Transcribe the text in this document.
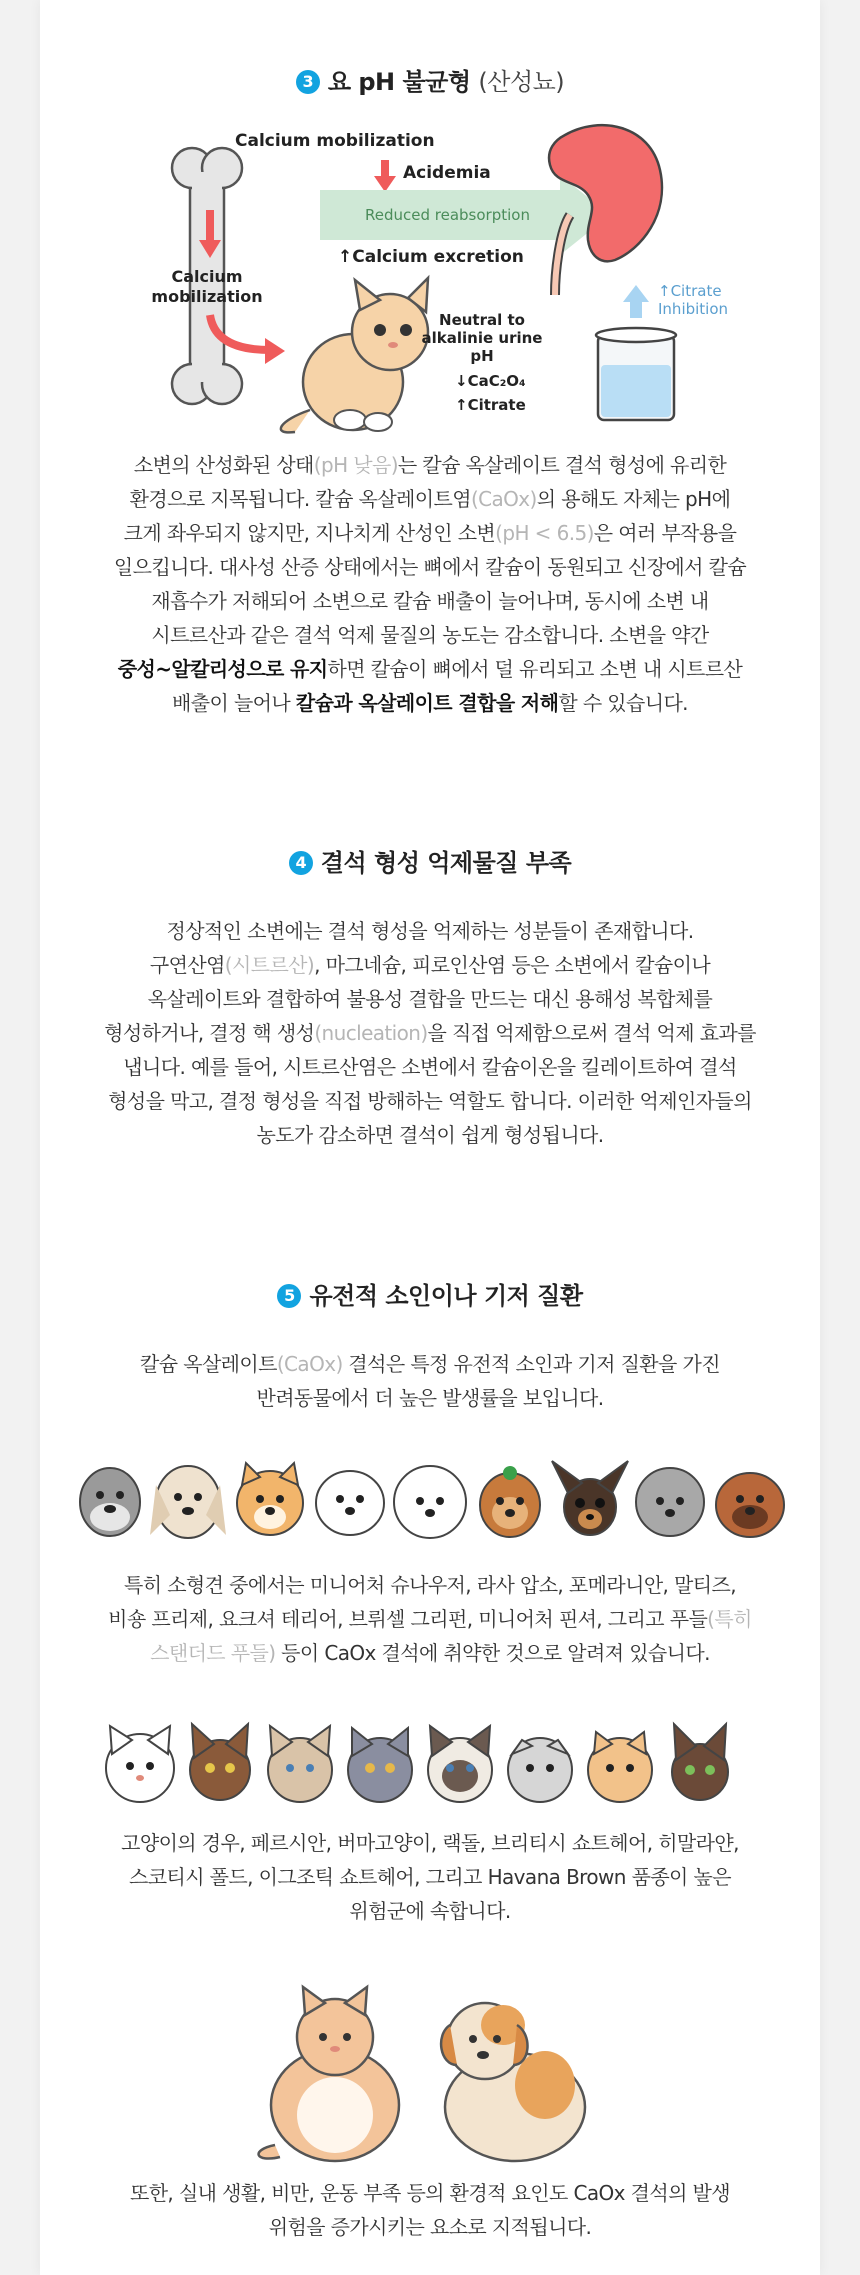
3 요 pH 불균형 (산성뇨)
Calcium mobilization
Acidemia
Reduced reabsorption
Calcium
mobilization
↑Calcium excretion
↑Citrate
Inhibition
Neutral to
alkalinie urine
pH
↓CaC₂O₄
↑Citrate
소변의 산성화된 상태(pH 낮음)는 칼슘 옥살레이트 결석 형성에 유리한
환경으로 지목됩니다. 칼슘 옥살레이트염(CaOx)의 용해도 자체는 pH에
크게 좌우되지 않지만, 지나치게 산성인 소변(pH < 6.5)은 여러 부작용을
일으킵니다. 대사성 산증 상태에서는 뼈에서 칼슘이 동원되고 신장에서 칼슘
재흡수가 저해되어 소변으로 칼슘 배출이 늘어나며, 동시에 소변 내
시트르산과 같은 결석 억제 물질의 농도는 감소합니다. 소변을 약간
중성~알칼리성으로 유지하면 칼슘이 뼈에서 덜 유리되고 소변 내 시트르산
배출이 늘어나 칼슘과 옥살레이트 결합을 저해할 수 있습니다.
4 결석 형성 억제물질 부족
정상적인 소변에는 결석 형성을 억제하는 성분들이 존재합니다.
구연산염(시트르산), 마그네슘, 피로인산염 등은 소변에서 칼슘이나
옥살레이트와 결합하여 불용성 결합을 만드는 대신 용해성 복합체를
형성하거나, 결정 핵 생성(nucleation)을 직접 억제함으로써 결석 억제 효과를
냅니다. 예를 들어, 시트르산염은 소변에서 칼슘이온을 킬레이트하여 결석
형성을 막고, 결정 형성을 직접 방해하는 역할도 합니다. 이러한 억제인자들의
농도가 감소하면 결석이 쉽게 형성됩니다.
5 유전적 소인이나 기저 질환
칼슘 옥살레이트(CaOx) 결석은 특정 유전적 소인과 기저 질환을 가진
반려동물에서 더 높은 발생률을 보입니다.
특히 소형견 중에서는 미니어처 슈나우저, 라사 압소, 포메라니안, 말티즈,
비숑 프리제, 요크셔 테리어, 브뤼셀 그리펀, 미니어처 핀셔, 그리고 푸들(특히
스탠더드 푸들) 등이 CaOx 결석에 취약한 것으로 알려져 있습니다.
고양이의 경우, 페르시안, 버마고양이, 랙돌, 브리티시 쇼트헤어, 히말라얀,
스코티시 폴드, 이그조틱 쇼트헤어, 그리고 Havana Brown 품종이 높은
위험군에 속합니다.
또한, 실내 생활, 비만, 운동 부족 등의 환경적 요인도 CaOx 결석의 발생
위험을 증가시키는 요소로 지적됩니다.
